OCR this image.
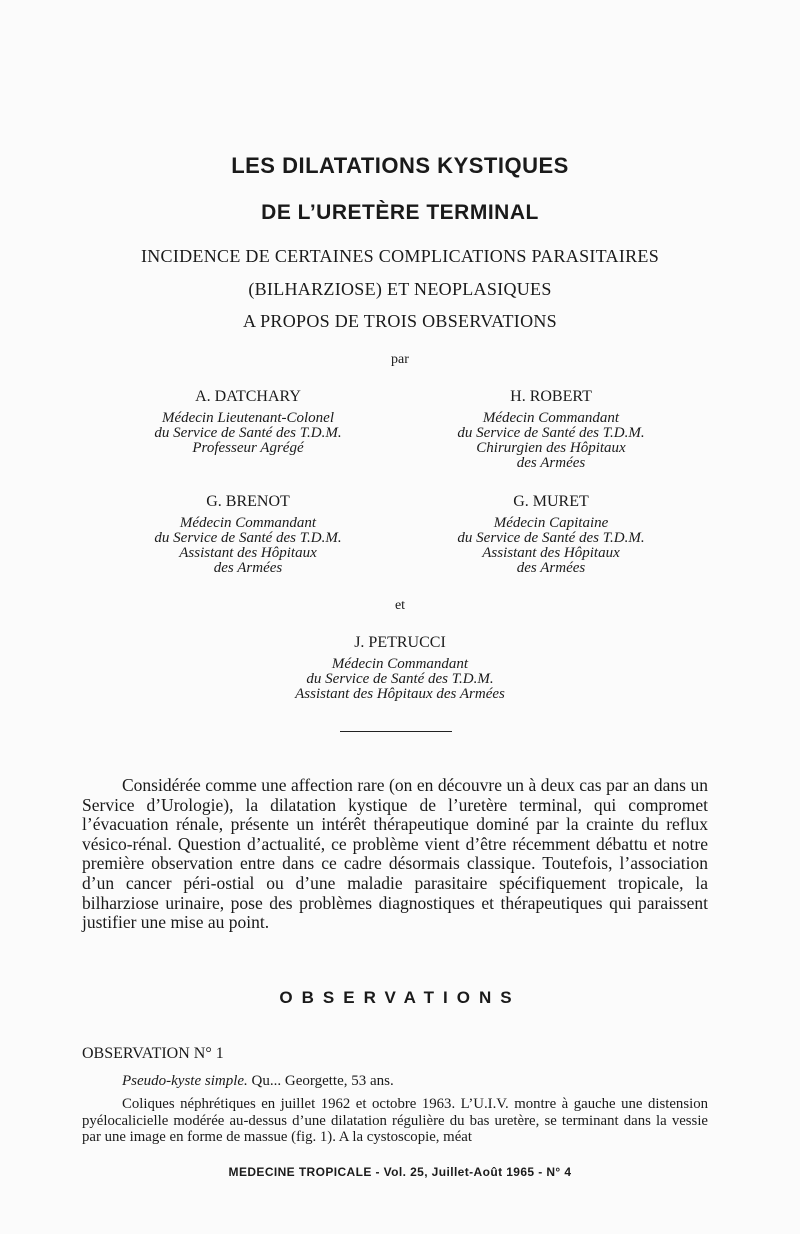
LES DILATATIONS KYSTIQUES
DE L’URETÈRE TERMINAL
INCIDENCE DE CERTAINES COMPLICATIONS PARASITAIRES
(BILHARZIOSE) ET NEOPLASIQUES
A PROPOS DE TROIS OBSERVATIONS
par
A. DATCHARY
Médecin Lieutenant-Colonel
du Service de Santé des T.D.M.
Professeur Agrégé
H. ROBERT
Médecin Commandant
du Service de Santé des T.D.M.
Chirurgien des Hôpitaux
des Armées
G. BRENOT
Médecin Commandant
du Service de Santé des T.D.M.
Assistant des Hôpitaux
des Armées
G. MURET
Médecin Capitaine
du Service de Santé des T.D.M.
Assistant des Hôpitaux
des Armées
et
J. PETRUCCI
Médecin Commandant
du Service de Santé des T.D.M.
Assistant des Hôpitaux des Armées
Considérée comme une affection rare (on en découvre un à deux cas par an dans un Service d’Urologie), la dilatation kystique de l’uretère terminal, qui compromet l’évacuation rénale, présente un intérêt thérapeutique dominé par la crainte du reflux vésico-rénal. Question d’actualité, ce problème vient d’être récemment débattu et notre première observation entre dans ce cadre désormais classique. Toutefois, l’association d’un cancer péri-ostial ou d’une maladie parasitaire spécifiquement tropicale, la bilharziose urinaire, pose des problèmes diagnostiques et thérapeutiques qui paraissent justifier une mise au point.
OBSERVATIONS
OBSERVATION N° 1
Pseudo-kyste simple. Qu... Georgette, 53 ans.
Coliques néphrétiques en juillet 1962 et octobre 1963. L’U.I.V. montre à gauche une distension pyélocalicielle modérée au-dessus d’une dilatation régulière du bas uretère, se terminant dans la vessie par une image en forme de massue (fig. 1). A la cystoscopie, méat
MEDECINE TROPICALE - Vol. 25, Juillet-Août 1965 - N° 4
